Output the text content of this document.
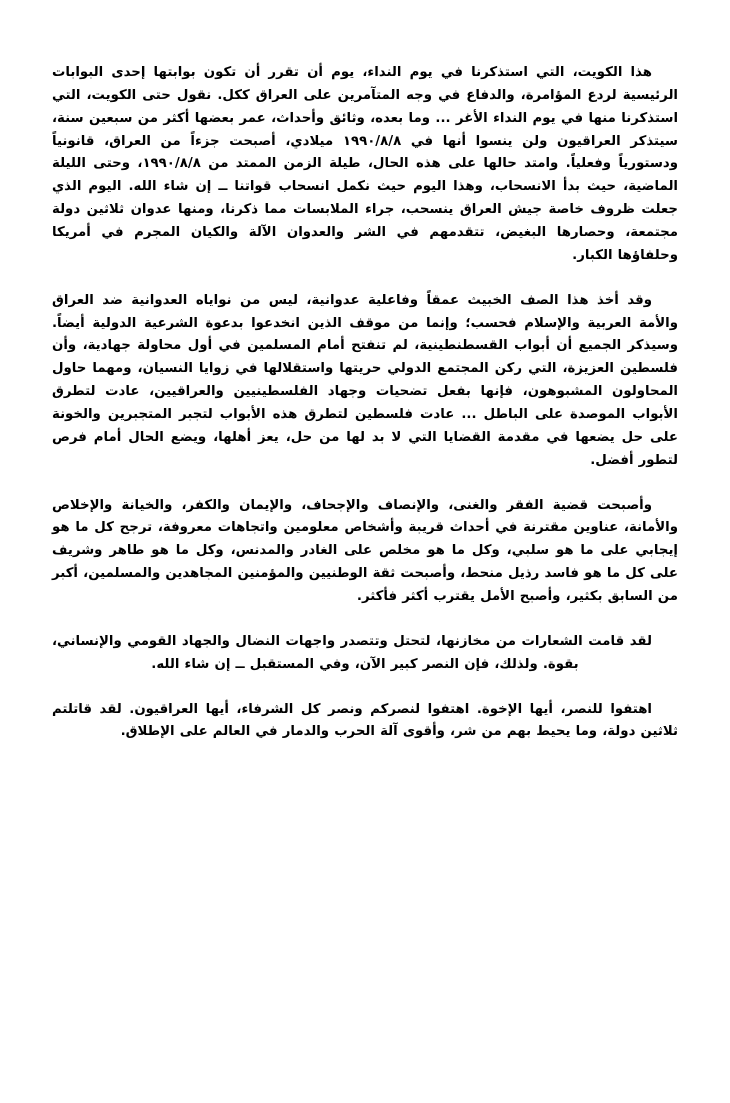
هذا الكويت، التي استذكرنا في يوم النداء، يوم أن تقرر أن تكون بوابتها إحدى البوابات الرئيسية لردع المؤامرة، والدفاع في وجه المتآمرين على العراق ككل. نقول حتى الكويت، التي استذكرنا منها في يوم النداء الأغر ... وما بعده، وثائق وأحداث، عمر بعضها أكثر من سبعين سنة، سيتذكر العراقيون ولن ينسوا أنها في ١٩٩٠/٨/٨ ميلادي، أصبحت جزءاً من العراق، قانونياً ودستورياً وفعلياً. وامتد حالها على هذه الحال، طيلة الزمن الممتد من ١٩٩٠/٨/٨، وحتى الليلة الماضية، حيث بدأ الانسحاب، وهذا اليوم حيث نكمل انسحاب قواتنا ــ إن شاء الله. اليوم الذي جعلت ظروف خاصة جيش العراق ينسحب، جراء الملابسات مما ذكرنا، ومنها عدوان ثلاثين دولة مجتمعة، وحصارها البغيض، تتقدمهم في الشر والعدوان الآلة والكيان المجرم في أمريكا وحلفاؤها الكبار.

وقد أخذ هذا الصف الخبيث عمقاً وفاعلية عدوانية، ليس من نواياه العدوانية ضد العراق والأمة العربية والإسلام فحسب؛ وإنما من موقف الذين انخدعوا بدعوة الشرعية الدولية أيضاً. وسيذكر الجميع أن أبواب القسطنطينية، لم تنفتح أمام المسلمين في أول محاولة جهادية، وأن فلسطين العزيزة، التي ركن المجتمع الدولي حريتها واستقلالها في زوايا النسيان، ومهما حاول المحاولون المشبوهون، فإنها بفعل تضحيات وجهاد الفلسطينيين والعراقيين، عادت لتطرق الأبواب الموصدة على الباطل ... عادت فلسطين لتطرق هذه الأبواب لتجبر المتجبرين والخونة على حل يضعها في مقدمة القضايا التي لا بد لها من حل، يعز أهلها، ويضع الحال أمام فرص لتطور أفضل.

وأصبحت قضية الفقر والغنى، والإنصاف والإجحاف، والإيمان والكفر، والخيانة والإخلاص والأمانة، عناوين مقترنة في أحداث قريبة وأشخاص معلومين واتجاهات معروفة، ترجح كل ما هو إيجابي على ما هو سلبي، وكل ما هو مخلص على الغادر والمدنس، وكل ما هو طاهر وشريف على كل ما هو فاسد رذيل منحط، وأصبحت ثقة الوطنيين والمؤمنين المجاهدين والمسلمين، أكبر من السابق بكثير، وأصبح الأمل يقترب أكثر فأكثر.

لقد قامت الشعارات من مخازنها، لتحتل وتتصدر واجهات النضال والجهاد القومي والإنساني، بقوة. ولذلك، فإن النصر كبير الآن، وفي المستقبل ــ إن شاء الله.

اهتفوا للنصر، أيها الإخوة. اهتفوا لنصركم ونصر كل الشرفاء، أيها العراقيون. لقد قاتلتم ثلاثين دولة، وما يحيط بهم من شر، وأقوى آلة الحرب والدمار في العالم على الإطلاق.
